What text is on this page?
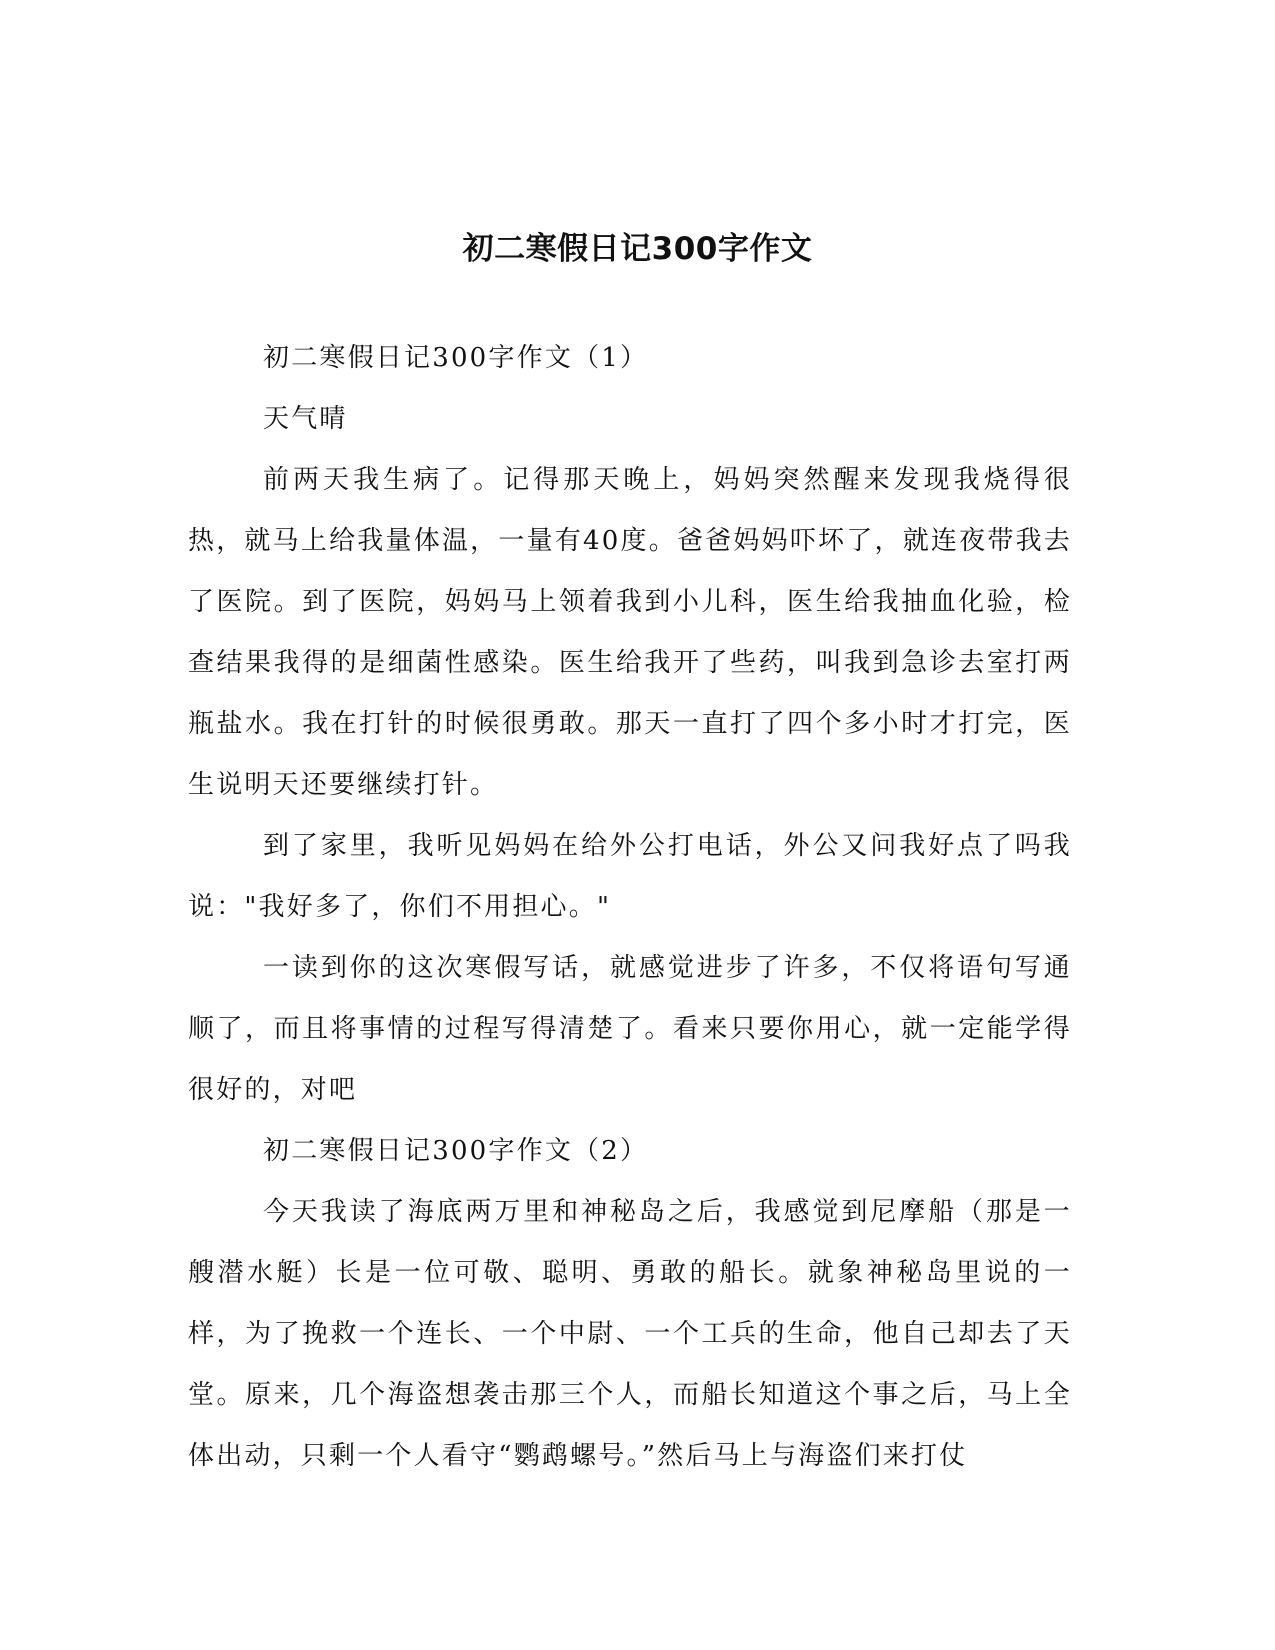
初二寒假日记300字作文

初二寒假日记300字作文（1）

天气晴

前两天我生病了。记得那天晚上，妈妈突然醒来发现我烧得很热，就马上给我量体温，一量有40度。爸爸妈妈吓坏了，就连夜带我去了医院。到了医院，妈妈马上领着我到小儿科，医生给我抽血化验，检查结果我得的是细菌性感染。医生给我开了些药，叫我到急诊去室打两瓶盐水。我在打针的时候很勇敢。那天一直打了四个多小时才打完，医生说明天还要继续打针。

到了家里，我听见妈妈在给外公打电话，外公又问我好点了吗我说："我好多了，你们不用担心。"

一读到你的这次寒假写话，就感觉进步了许多，不仅将语句写通顺了，而且将事情的过程写得清楚了。看来只要你用心，就一定能学得很好的，对吧

初二寒假日记300字作文（2）

今天我读了海底两万里和神秘岛之后，我感觉到尼摩船（那是一艘潜水艇）长是一位可敬、聪明、勇敢的船长。就象神秘岛里说的一样，为了挽救一个连长、一个中尉、一个工兵的生命，他自己却去了天堂。原来，几个海盗想袭击那三个人，而船长知道这个事之后，马上全体出动，只剩一个人看守“鹦鹉螺号。”然后马上与海盗们来打仗
